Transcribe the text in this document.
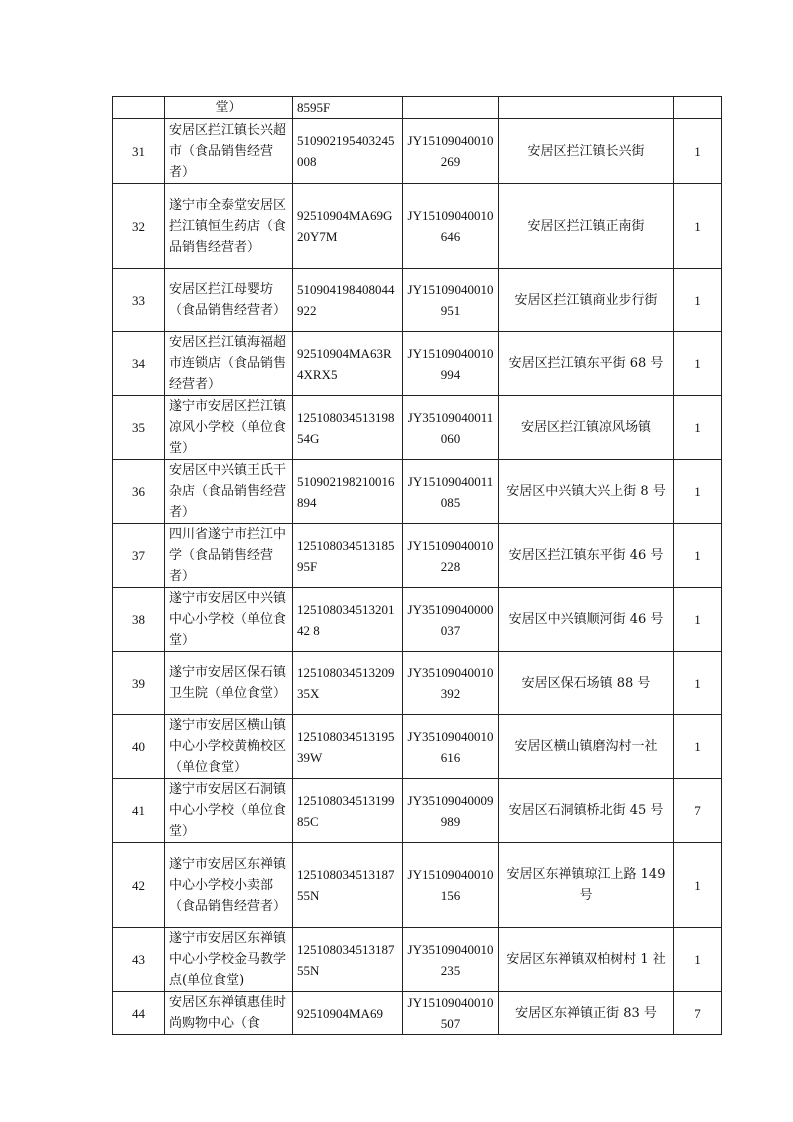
	堂）	8595F			
31	安居区拦江镇长兴超市（食品销售经营者）	510902195403245008	JY15109040010269	安居区拦江镇长兴街	1
32	遂宁市全泰堂安居区拦江镇恒生药店（食品销售经营者）	92510904MA69G20Y7M	JY15109040010646	安居区拦江镇正南街	1
33	安居区拦江母婴坊（食品销售经营者）	510904198408044922	JY15109040010951	安居区拦江镇商业步行街	1
34	安居区拦江镇海福超市连锁店（食品销售经营者）	92510904MA63R4XRX5	JY15109040010994	安居区拦江镇东平街 68 号	1
35	遂宁市安居区拦江镇凉风小学校（单位食堂）	125108034513198 54G	JY35109040011060	安居区拦江镇凉风场镇	1
36	安居区中兴镇王氏干杂店（食品销售经营者）	510902198210016894	JY15109040011085	安居区中兴镇大兴上街 8 号	1
37	四川省遂宁市拦江中学（食品销售经营者）	12510803451318595F	JY15109040010228	安居区拦江镇东平街 46 号	1
38	遂宁市安居区中兴镇中心小学校（单位食堂）	12510803451320142 8	JY35109040000037	安居区中兴镇顺河街 46 号	1
39	遂宁市安居区保石镇卫生院（单位食堂）	12510803451320935X	JY35109040010392	安居区保石场镇 88 号	1
40	遂宁市安居区横山镇中心小学校黄桷校区（单位食堂）	12510803451319539W	JY35109040010616	安居区横山镇磨沟村一社	1
41	遂宁市安居区石洞镇中心小学校（单位食堂）	12510803451319985C	JY35109040009989	安居区石洞镇桥北街 45 号	7
42	遂宁市安居区东禅镇中心小学校小卖部（食品销售经营者）	12510803451318755N	JY15109040010156	安居区东禅镇琼江上路 149 号	1
43	遂宁市安居区东禅镇中心小学校金马教学点(单位食堂)	12510803451318755N	JY35109040010235	安居区东禅镇双柏树村 1 社	1
44	安居区东禅镇惠佳时尚购物中心（食	92510904MA69	JY15109040010507	安居区东禅镇正街 83 号	7
